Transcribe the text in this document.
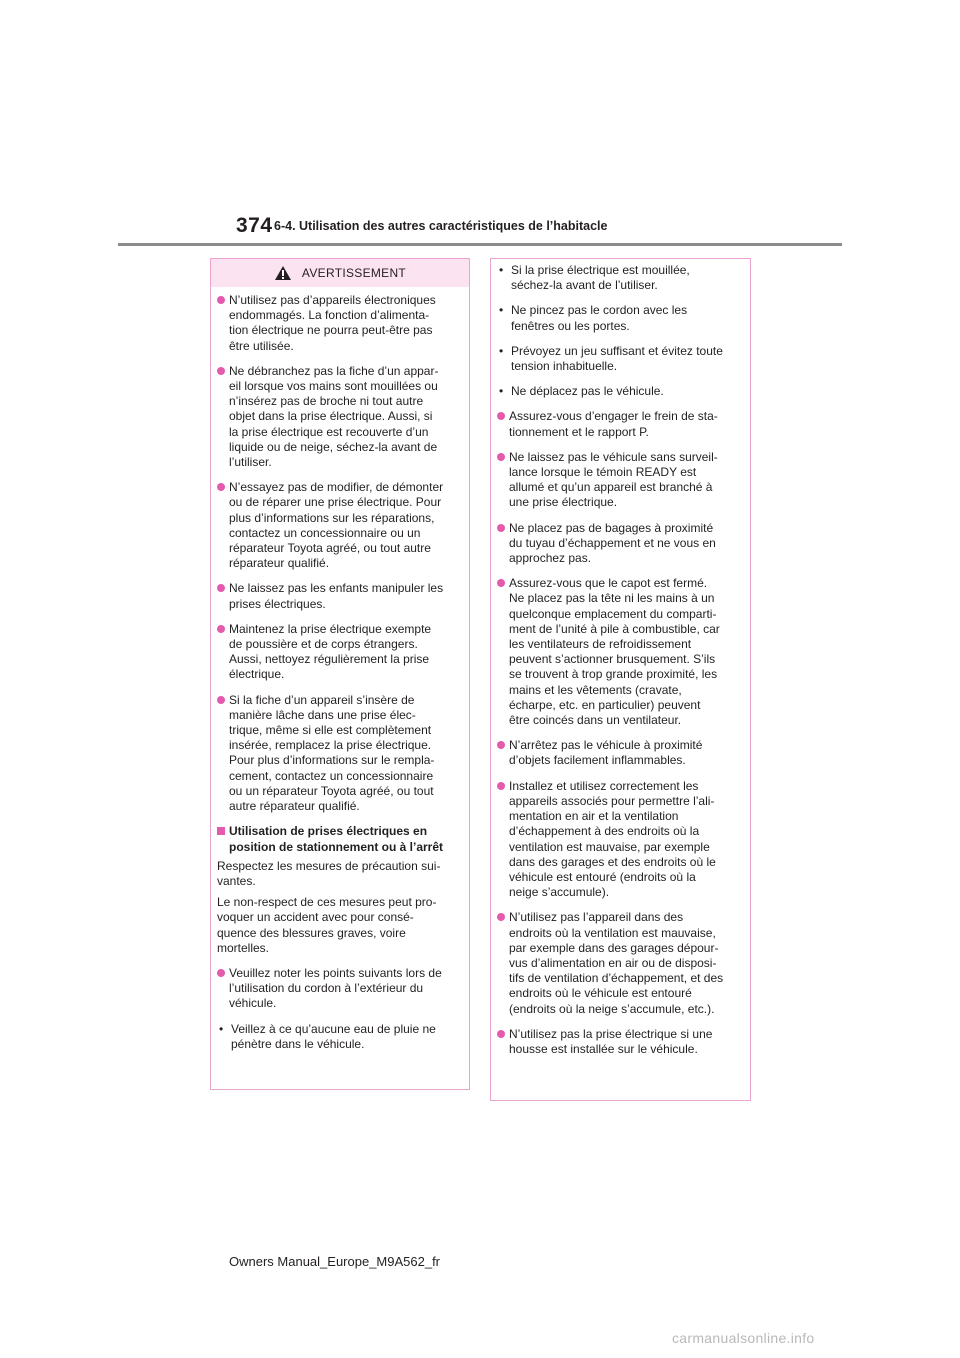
374 6-4. Utilisation des autres caractéristiques de l’habitacle
AVERTISSEMENT
N’utilisez pas d’appareils électroniques
endommagés. La fonction d’alimenta-
tion électrique ne pourra peut-être pas
être utilisée.
Ne débranchez pas la fiche d’un appar-
eil lorsque vos mains sont mouillées ou
n’insérez pas de broche ni tout autre
objet dans la prise électrique. Aussi, si
la prise électrique est recouverte d’un
liquide ou de neige, séchez-la avant de
l’utiliser.
N’essayez pas de modifier, de démonter
ou de réparer une prise électrique. Pour
plus d’informations sur les réparations,
contactez un concessionnaire ou un
réparateur Toyota agréé, ou tout autre
réparateur qualifié.
Ne laissez pas les enfants manipuler les
prises électriques.
Maintenez la prise électrique exempte
de poussière et de corps étrangers.
Aussi, nettoyez régulièrement la prise
électrique.
Si la fiche d’un appareil s’insère de
manière lâche dans une prise élec-
trique, même si elle est complètement
insérée, remplacez la prise électrique.
Pour plus d’informations sur le rempla-
cement, contactez un concessionnaire
ou un réparateur Toyota agréé, ou tout
autre réparateur qualifié.
Utilisation de prises électriques en
position de stationnement ou à l’arrêt
Respectez les mesures de précaution sui-
vantes.
Le non-respect de ces mesures peut pro-
voquer un accident avec pour consé-
quence des blessures graves, voire
mortelles.
Veuillez noter les points suivants lors de
l’utilisation du cordon à l’extérieur du
véhicule.
• Veillez à ce qu’aucune eau de pluie ne
pénètre dans le véhicule.
• Si la prise électrique est mouillée,
séchez-la avant de l’utiliser.
• Ne pincez pas le cordon avec les
fenêtres ou les portes.
• Prévoyez un jeu suffisant et évitez toute
tension inhabituelle.
• Ne déplacez pas le véhicule.
Assurez-vous d’engager le frein de sta-
tionnement et le rapport P.
Ne laissez pas le véhicule sans surveil-
lance lorsque le témoin READY est
allumé et qu’un appareil est branché à
une prise électrique.
Ne placez pas de bagages à proximité
du tuyau d’échappement et ne vous en
approchez pas.
Assurez-vous que le capot est fermé.
Ne placez pas la tête ni les mains à un
quelconque emplacement du comparti-
ment de l’unité à pile à combustible, car
les ventilateurs de refroidissement
peuvent s’actionner brusquement. S’ils
se trouvent à trop grande proximité, les
mains et les vêtements (cravate,
écharpe, etc. en particulier) peuvent
être coincés dans un ventilateur.
N’arrêtez pas le véhicule à proximité
d’objets facilement inflammables.
Installez et utilisez correctement les
appareils associés pour permettre l’ali-
mentation en air et la ventilation
d’échappement à des endroits où la
ventilation est mauvaise, par exemple
dans des garages et des endroits où le
véhicule est entouré (endroits où la
neige s’accumule).
N’utilisez pas l’appareil dans des
endroits où la ventilation est mauvaise,
par exemple dans des garages dépour-
vus d’alimentation en air ou de disposi-
tifs de ventilation d’échappement, et des
endroits où le véhicule est entouré
(endroits où la neige s’accumule, etc.).
N’utilisez pas la prise électrique si une
housse est installée sur le véhicule.
Owners Manual_Europe_M9A562_fr
carmanualsonline.info
